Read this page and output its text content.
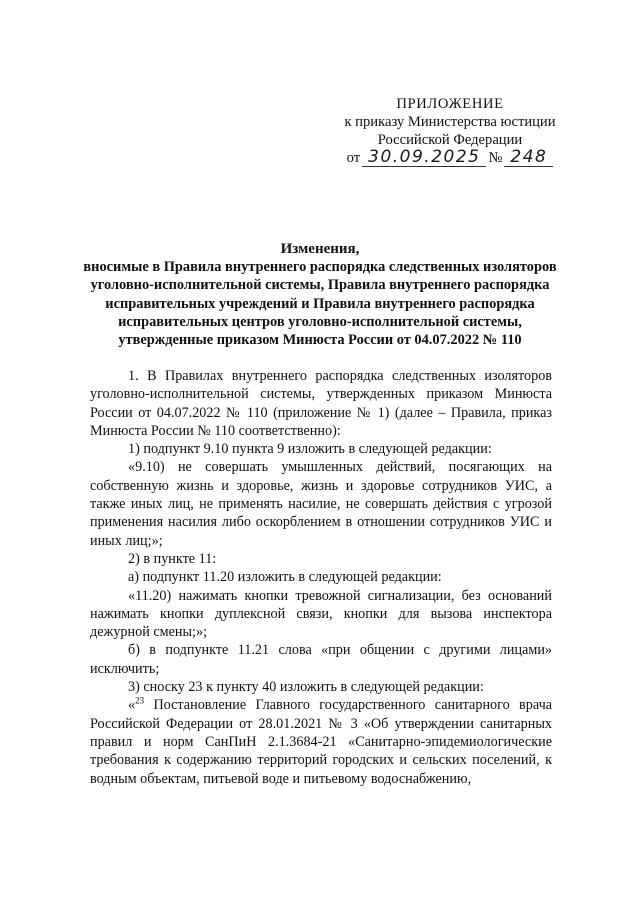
ПРИЛОЖЕНИЕ
к приказу Министерства юстиции
Российской Федерации
от 30.09.2025 № 248
Изменения,
вносимые в Правила внутреннего распорядка следственных изоляторов
уголовно-исполнительной системы, Правила внутреннего распорядка
исправительных учреждений и Правила внутреннего распорядка
исправительных центров уголовно-исполнительной системы,
утвержденные приказом Минюста России от 04.07.2022 № 110

1. В Правилах внутреннего распорядка следственных изоляторов уголовно-исполнительной системы, утвержденных приказом Минюста России от 04.07.2022 № 110 (приложение № 1) (далее – Правила, приказ Минюста России № 110 соответственно):

1) подпункт 9.10 пункта 9 изложить в следующей редакции:

«9.10) не совершать умышленных действий, посягающих на собственную жизнь и здоровье, жизнь и здоровье сотрудников УИС, а также иных лиц, не применять насилие, не совершать действия с угрозой применения насилия либо оскорблением в отношении сотрудников УИС и иных лиц;»;

2) в пункте 11:

а) подпункт 11.20 изложить в следующей редакции:

«11.20) нажимать кнопки тревожной сигнализации, без оснований нажимать кнопки дуплексной связи, кнопки для вызова инспектора дежурной смены;»;

б) в подпункте 11.21 слова «при общении с другими лицами» исключить;

3) сноску 23 к пункту 40 изложить в следующей редакции:

«$^{23}$ Постановление Главного государственного санитарного врача Российской Федерации от 28.01.2021 № 3 «Об утверждении санитарных правил и норм СанПиН 2.1.3684-21 «Санитарно-эпидемиологические требования к содержанию территорий городских и сельских поселений, к водным объектам, питьевой воде и питьевому водоснабжению,
